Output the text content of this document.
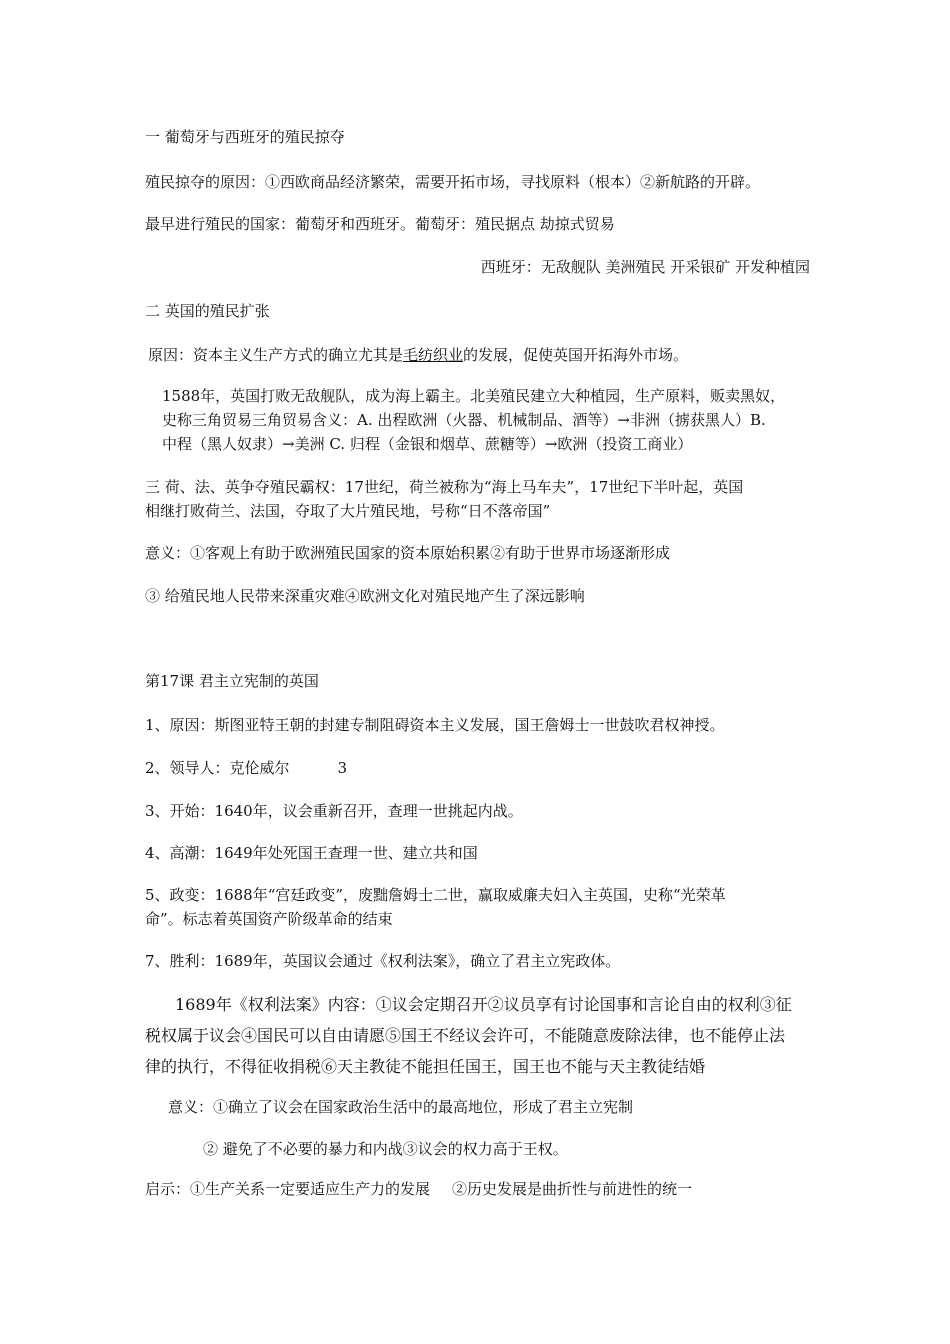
一 葡萄牙与西班牙的殖民掠夺
殖民掠夺的原因：①西欧商品经济繁荣，需要开拓市场，寻找原料（根本）②新航路的开辟。
最早进行殖民的国家：葡萄牙和西班牙。葡萄牙：殖民据点 劫掠式贸易
西班牙：无敌舰队 美洲殖民 开采银矿 开发种植园
二 英国的殖民扩张
原因：资本主义生产方式的确立尤其是毛纺织业的发展，促使英国开拓海外市场。
1588年，英国打败无敌舰队，成为海上霸主。北美殖民建立大种植园，生产原料，贩卖黑奴，
史称三角贸易三角贸易含义：A. 出程欧洲（火器、机械制品、酒等）→非洲（掳获黑人）B.
中程（黑人奴隶）→美洲 C. 归程（金银和烟草、蔗糖等）→欧洲（投资工商业）
三 荷、法、英争夺殖民霸权：17世纪，荷兰被称为“海上马车夫”，17世纪下半叶起，英国
相继打败荷兰、法国，夺取了大片殖民地，号称“日不落帝国”
意义：①客观上有助于欧洲殖民国家的资本原始积累②有助于世界市场逐渐形成
③ 给殖民地人民带来深重灾难④欧洲文化对殖民地产生了深远影响
第17课 君主立宪制的英国
1、原因：斯图亚特王朝的封建专制阻碍资本主义发展，国王詹姆士一世鼓吹君权神授。
2、领导人：克伦威尔	3
3、开始：1640年，议会重新召开，查理一世挑起内战。
4、高潮：1649年处死国王查理一世、建立共和国
5、政变：1688年“宫廷政变”，废黜詹姆士二世，赢取威廉夫妇入主英国，史称“光荣革
命”。标志着英国资产阶级革命的结束
7、胜利：1689年，英国议会通过《权利法案》，确立了君主立宪政体。
1689年《权利法案》内容：①议会定期召开②议员享有讨论国事和言论自由的权利③征
税权属于议会④国民可以自由请愿⑤国王不经议会许可，不能随意废除法律，也不能停止法
律的执行，不得征收捐税⑥天主教徒不能担任国王，国王也不能与天主教徒结婚
意义：①确立了议会在国家政治生活中的最高地位，形成了君主立宪制
② 避免了不必要的暴力和内战③议会的权力高于王权。
启示：①生产关系一定要适应生产力的发展 ②历史发展是曲折性与前进性的统一
